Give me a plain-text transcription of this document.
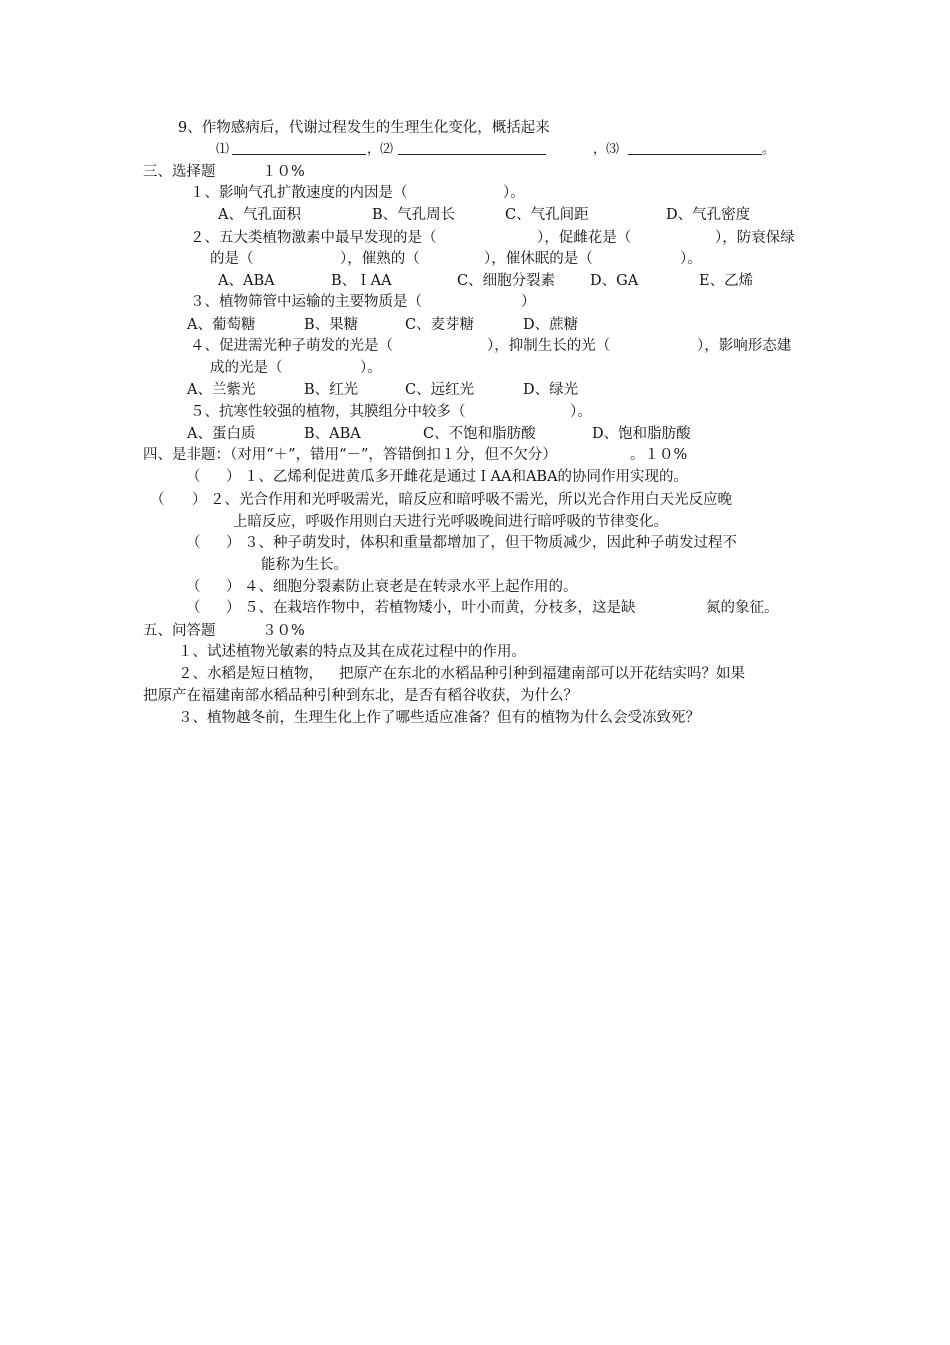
9、作物感病后，代谢过程发生的生理生化变化，概括起来
⑴	，⑵	，⑶	。
三、选择题	１０%
１、影响气孔扩散速度的内因是（	）。
A、气孔面积	B、气孔周长	C、气孔间距	D、气孔密度
２、五大类植物激素中最早发现的是（	），促雌花是（	），防衰保绿
的是（	），催熟的（	），催休眠的是（	）。
A、ABA	B、ＩAA	C、细胞分裂素 D、GA	E、乙烯
３、植物筛管中运输的主要物质是（	）
A、葡萄糖	B、果糖	C、麦芽糖	D、蔗糖
４、促进需光种子萌发的光是（	），抑制生长的光（	），影响形态建
成的光是（	）。
A、兰紫光	B、红光	C、远红光	D、绿光
５、抗寒性较强的植物，其膜组分中较多（	）。
A、蛋白质	B、ABA	C、不饱和脂肪酸	D、饱和脂肪酸
四、是非题：（对用“＋”，错用“－”，答错倒扣１分，但不欠分）	。１０%
（ ） １、乙烯利促进黄瓜多开雌花是通过ＩAA和ABA的协同作用实现的。
（ ） ２、光合作用和光呼吸需光，暗反应和暗呼吸不需光，所以光合作用白天光反应晚
上暗反应，呼吸作用则白天进行光呼吸晚间进行暗呼吸的节律变化。
（ ） ３、种子萌发时，体积和重量都增加了，但干物质减少，因此种子萌发过程不
能称为生长。
（ ） ４、细胞分裂素防止衰老是在转录水平上起作用的。
（ ） ５、在栽培作物中，若植物矮小，叶小而黄，分枝多，这是缺	氮的象征。
五、问答题	３０%
１、试述植物光敏素的特点及其在成花过程中的作用。
２、水稻是短日植物， 把原产在东北的水稻品种引种到福建南部可以开花结实吗？如果
把原产在福建南部水稻品种引种到东北，是否有稻谷收获，为什么？
３、植物越冬前，生理生化上作了哪些适应准备？但有的植物为什么会受冻致死？
